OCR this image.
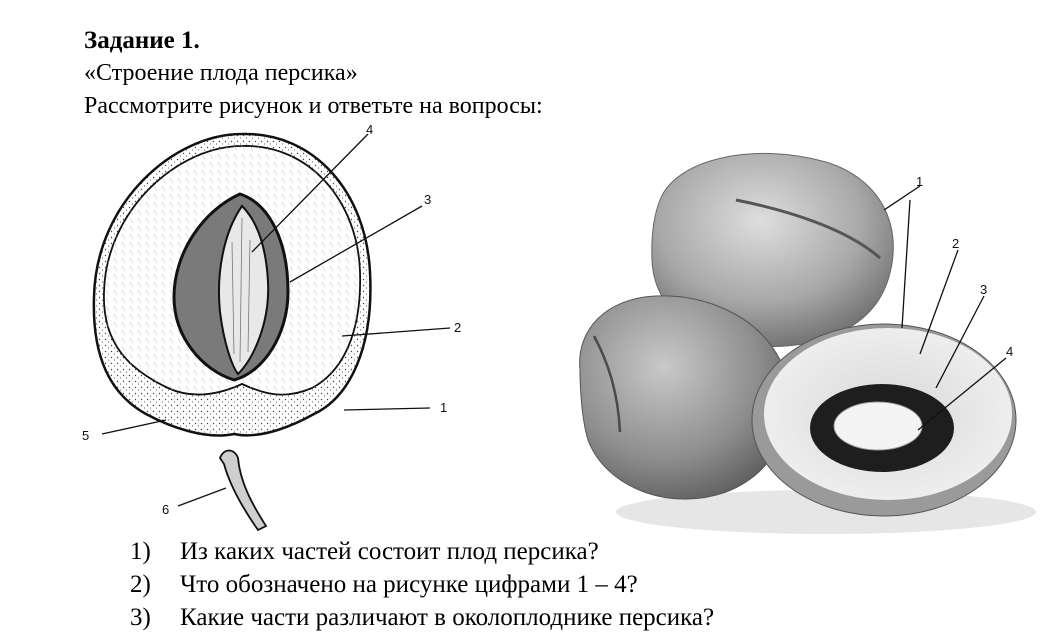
Задание 1.

«Строение плода персика»

Рассмотрите рисунок и ответьте на вопросы:

1
2
3
4
5
6
1
2
3
4
1) Из каких частей состоит плод персика?
2) Что обозначено на рисунке цифрами 1 – 4?
3) Какие части различают в околоплоднике персика?
